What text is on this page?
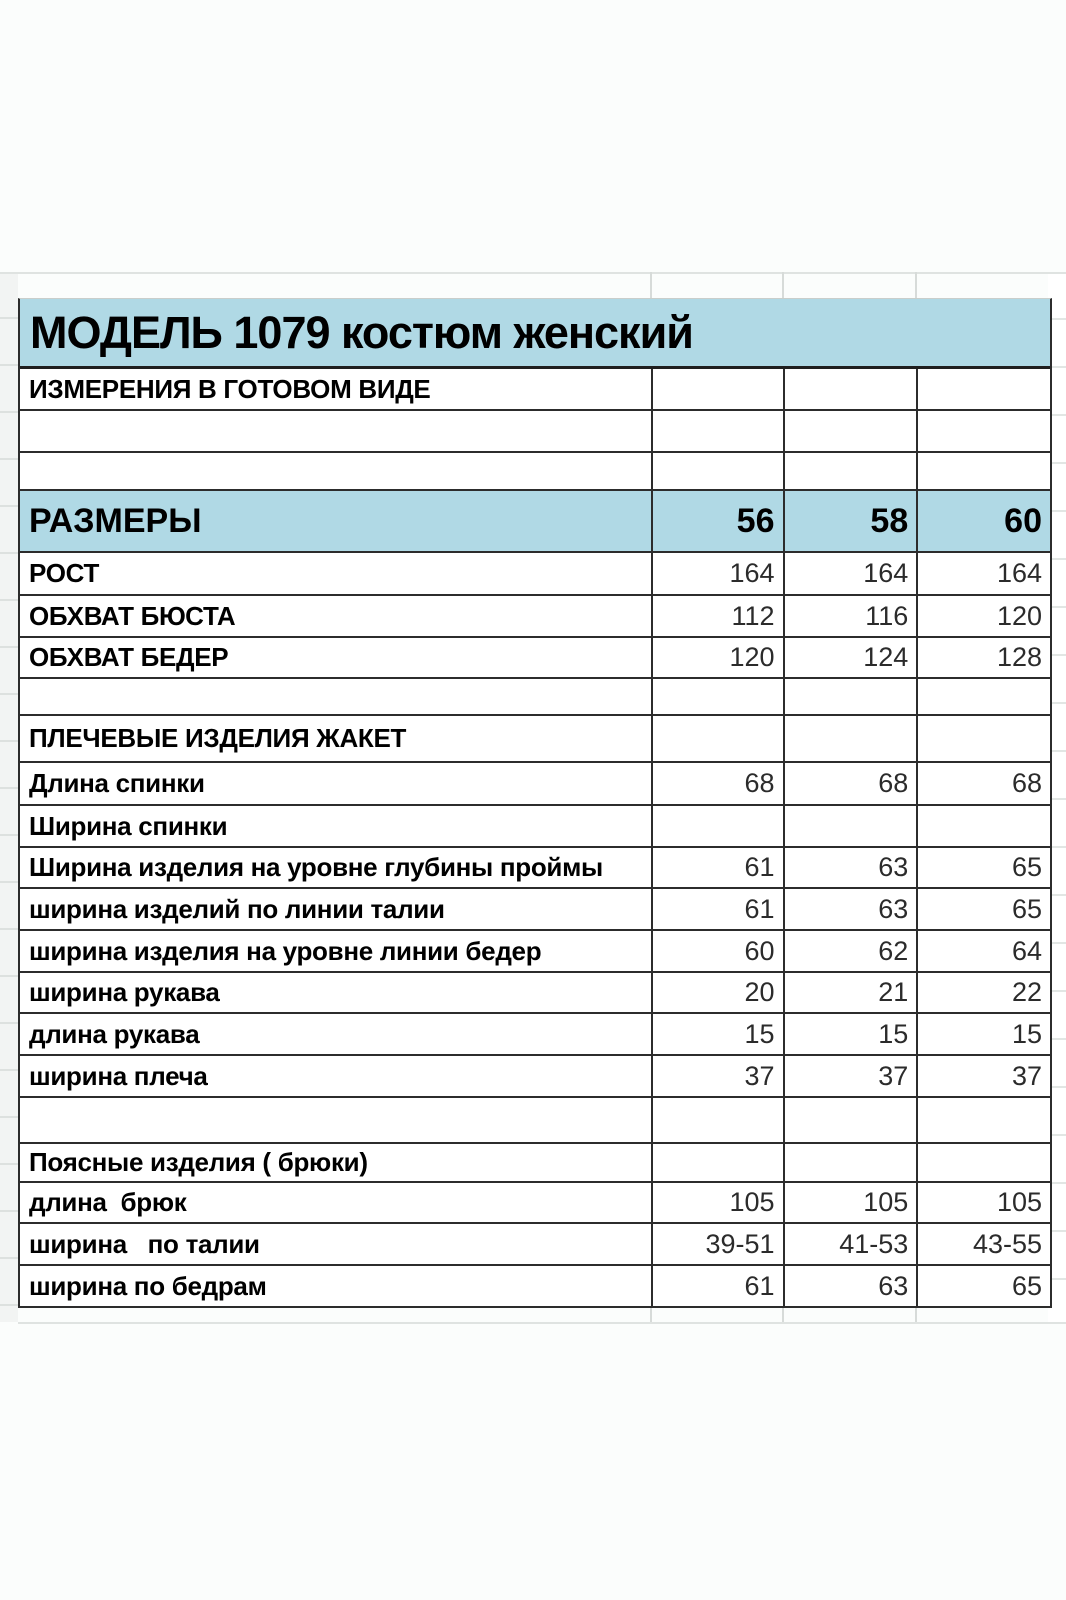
МОДЕЛЬ 1079 костюм женский
ИЗМЕРЕНИЯ В ГОТОВОМ ВИДЕ
РАЗМЕРЫ	56	58	60
РОСТ	164	164	164
ОБХВАТ БЮСТА	112	116	120
ОБХВАТ БЕДЕР	120	124	128
ПЛЕЧЕВЫЕ ИЗДЕЛИЯ ЖАКЕТ
Длина спинки	68	68	68
Ширина спинки
Ширина изделия на уровне глубины проймы	61	63	65
ширина изделий по линии талии	61	63	65
ширина изделия на уровне линии бедер	60	62	64
ширина рукава	20	21	22
длина рукава	15	15	15
ширина плеча	37	37	37
Поясные изделия ( брюки)
длина  брюк	105	105	105
ширина   по талии	39-51	41-53	43-55
ширина по бедрам	61	63	65
